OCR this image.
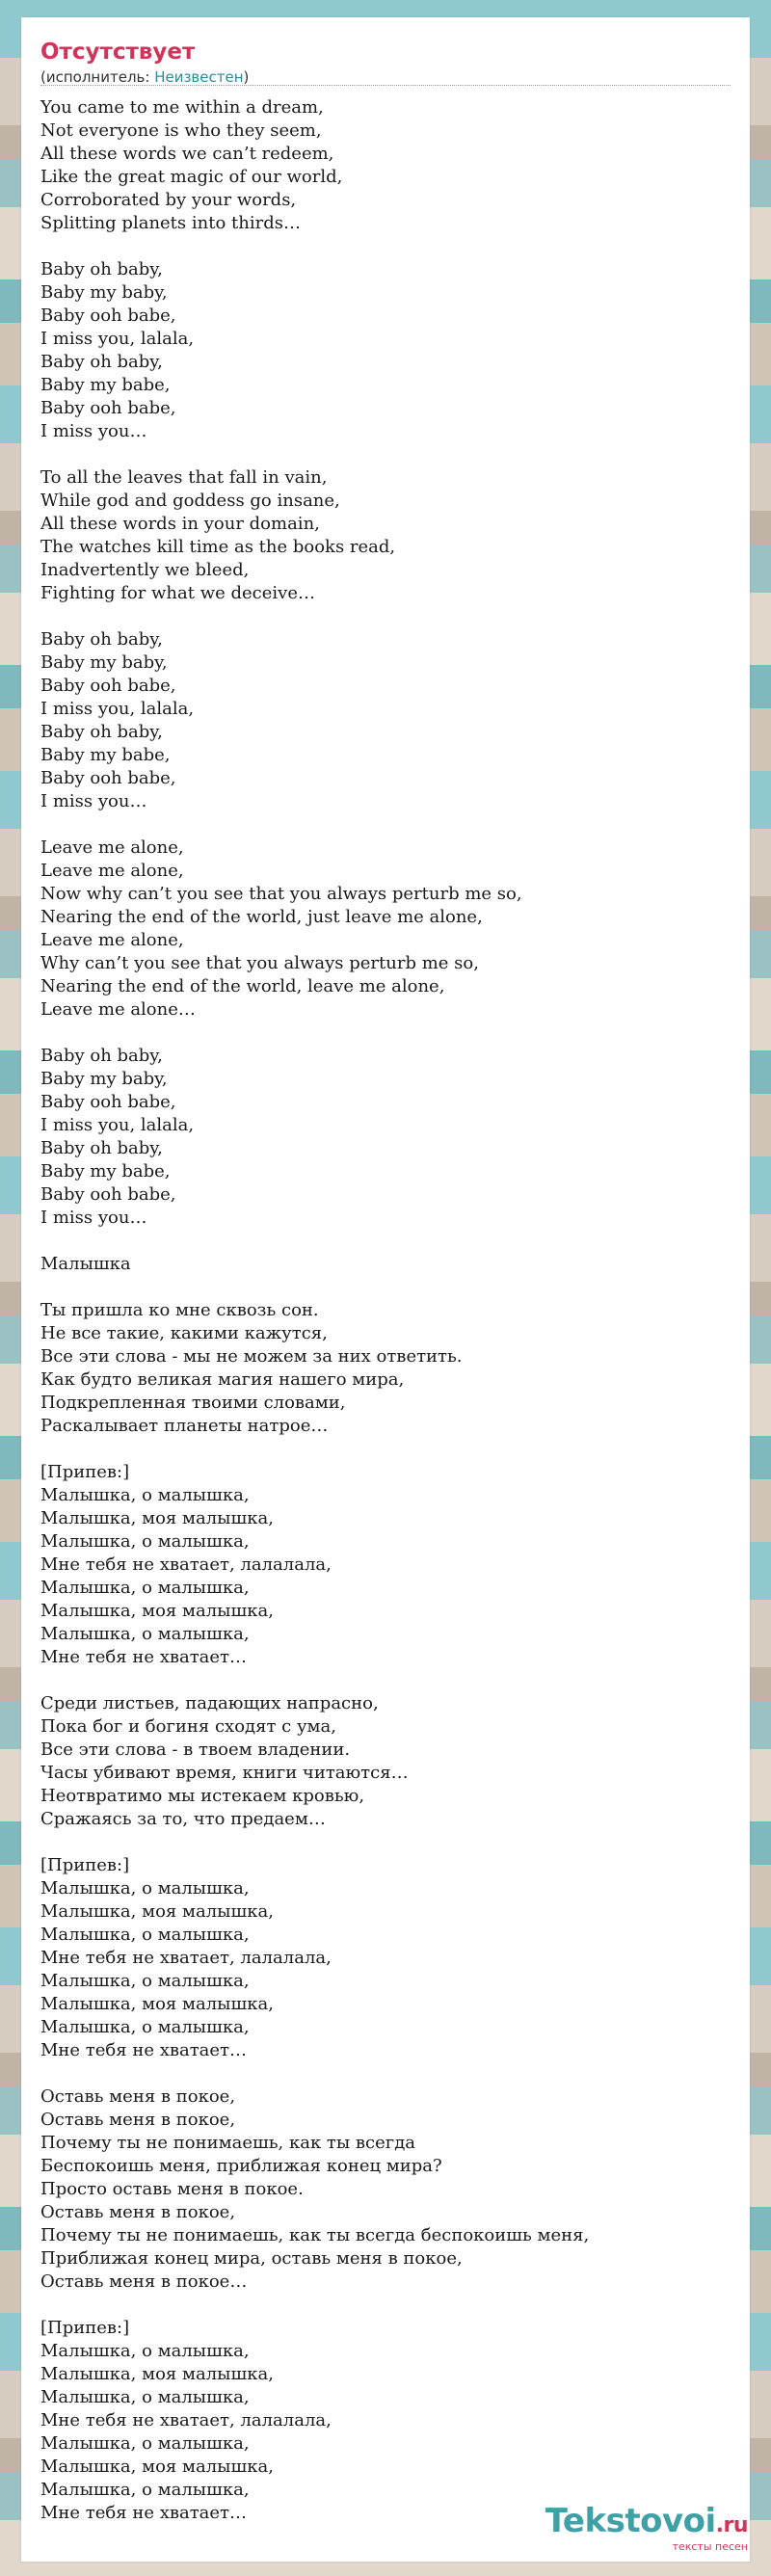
Отсутствует
(исполнитель: Неизвестен)
You came to me within a dream,
Not everyone is who they seem,
All these words we can’t redeem,
Like the great magic of our world,
Corroborated by your words,
Splitting planets into thirds…
Baby oh baby,
Baby my baby,
Baby ooh babe,
I miss you, lalala,
Baby oh baby,
Baby my babe,
Baby ooh babe,
I miss you…
To all the leaves that fall in vain,
While god and goddess go insane,
All these words in your domain,
The watches kill time as the books read,
Inadvertently we bleed,
Fighting for what we deceive…
Baby oh baby,
Baby my baby,
Baby ooh babe,
I miss you, lalala,
Baby oh baby,
Baby my babe,
Baby ooh babe,
I miss you…
Leave me alone,
Leave me alone,
Now why can’t you see that you always perturb me so,
Nearing the end of the world, just leave me alone,
Leave me alone,
Why can’t you see that you always perturb me so,
Nearing the end of the world, leave me alone,
Leave me alone…
Baby oh baby,
Baby my baby,
Baby ooh babe,
I miss you, lalala,
Baby oh baby,
Baby my babe,
Baby ooh babe,
I miss you…
Малышка
Ты пришла ко мне сквозь сон.
Не все такие, какими кажутся,
Все эти слова - мы не можем за них ответить.
Как будто великая магия нашего мира,
Подкрепленная твоими словами,
Раскалывает планеты натрое…
[Припев:]
Малышка, о малышка,
Малышка, моя малышка,
Малышка, о малышка,
Мне тебя не хватает, лалалала,
Малышка, о малышка,
Малышка, моя малышка,
Малышка, о малышка,
Мне тебя не хватает…
Среди листьев, падающих напрасно,
Пока бог и богиня сходят с ума,
Все эти слова - в твоем владении.
Часы убивают время, книги читаются…
Неотвратимо мы истекаем кровью,
Сражаясь за то, что предаем…
[Припев:]
Малышка, о малышка,
Малышка, моя малышка,
Малышка, о малышка,
Мне тебя не хватает, лалалала,
Малышка, о малышка,
Малышка, моя малышка,
Малышка, о малышка,
Мне тебя не хватает…
Оставь меня в покое,
Оставь меня в покое,
Почему ты не понимаешь, как ты всегда
Беспокоишь меня, приближая конец мира?
Просто оставь меня в покое.
Оставь меня в покое,
Почему ты не понимаешь, как ты всегда беспокоишь меня,
Приближая конец мира, оставь меня в покое,
Оставь меня в покое…
[Припев:]
Малышка, о малышка,
Малышка, моя малышка,
Малышка, о малышка,
Мне тебя не хватает, лалалала,
Малышка, о малышка,
Малышка, моя малышка,
Малышка, о малышка,
Мне тебя не хватает…	Tekstovoi.ru
тексты песен
